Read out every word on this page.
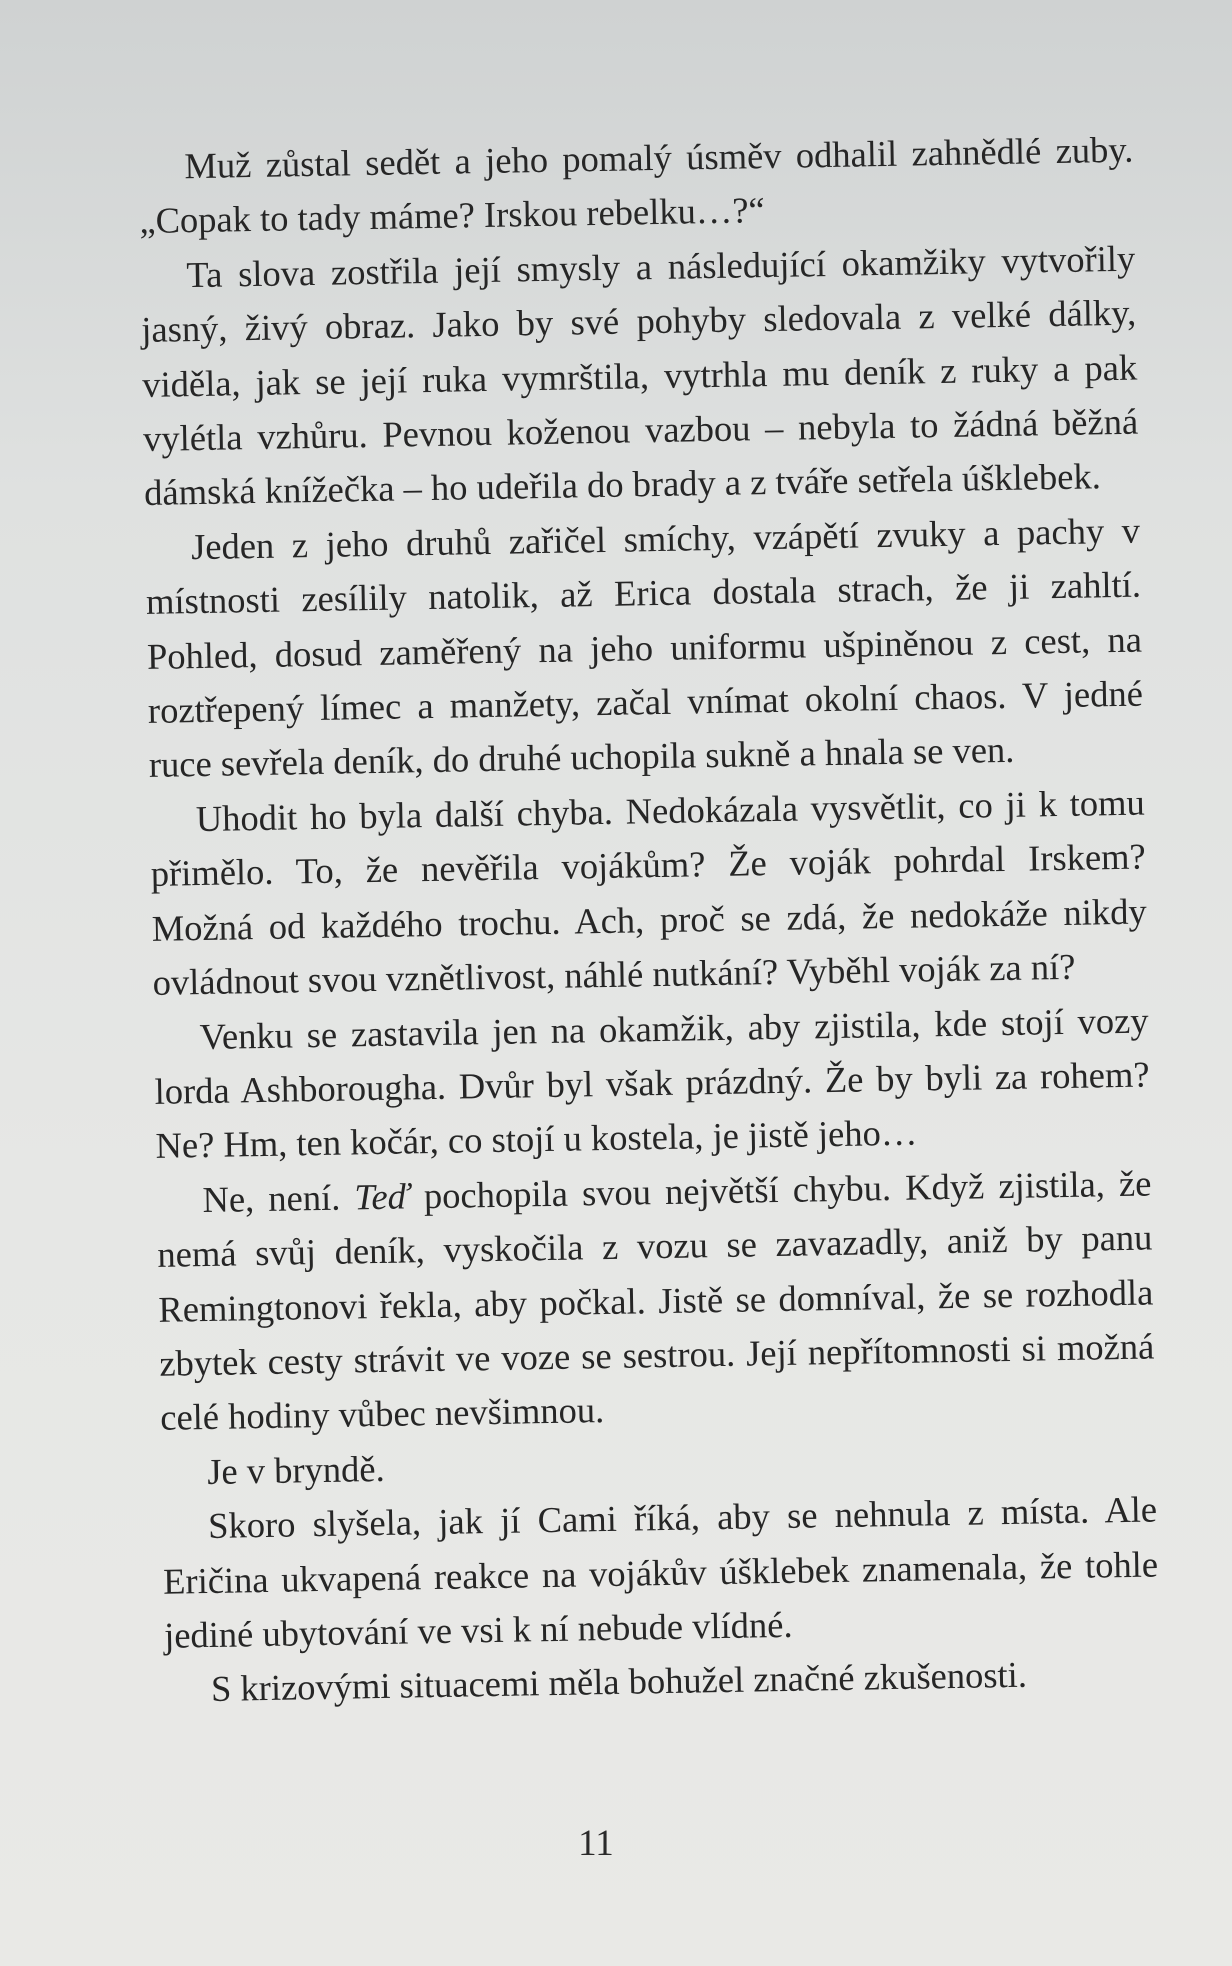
Muž zůstal sedět a jeho pomalý úsměv odhalil zahnědlé zuby. „Copak to tady máme? Irskou rebelku…?“

Ta slova zostřila její smysly a následující okamžiky vytvořily jasný, živý obraz. Jako by své pohyby sledovala z velké dálky, viděla, jak se její ruka vymrštila, vytrhla mu deník z ruky a pak vylétla vzhůru. Pevnou koženou vazbou – nebyla to žádná běžná dámská knížečka – ho udeřila do brady a z tváře setřela úšklebek.

Jeden z jeho druhů zařičel smíchy, vzápětí zvuky a pachy v místnosti zesílily natolik, až Erica dostala strach, že ji zahltí. Pohled, dosud zaměřený na jeho uniformu ušpiněnou z cest, na roztřepený límec a manžety, začal vnímat okolní chaos. V jedné ruce sevřela deník, do druhé uchopila sukně a hnala se ven.

Uhodit ho byla další chyba. Nedokázala vysvětlit, co ji k tomu přimělo. To, že nevěřila vojákům? Že voják pohrdal Irskem? Možná od každého trochu. Ach, proč se zdá, že nedokáže nikdy ovládnout svou vznětlivost, náhlé nutkání? Vyběhl voják za ní?

Venku se zastavila jen na okamžik, aby zjistila, kde stojí vozy lorda Ashborougha. Dvůr byl však prázdný. Že by byli za rohem? Ne? Hm, ten kočár, co stojí u kostela, je jistě jeho…

Ne, není. Teď pochopila svou největší chybu. Když zjistila, že nemá svůj deník, vyskočila z vozu se zavazadly, aniž by panu Remingtonovi řekla, aby počkal. Jistě se domníval, že se rozhodla zbytek cesty strávit ve voze se sestrou. Její nepřítomnosti si možná celé hodiny vůbec nevšimnou.

Je v bryndě.

Skoro slyšela, jak jí Cami říká, aby se nehnula z místa. Ale Eričina ukvapená reakce na vojákův úšklebek znamenala, že tohle jediné ubytování ve vsi k ní nebude vlídné.

S krizovými situacemi měla bohužel značné zkušenosti.

11
